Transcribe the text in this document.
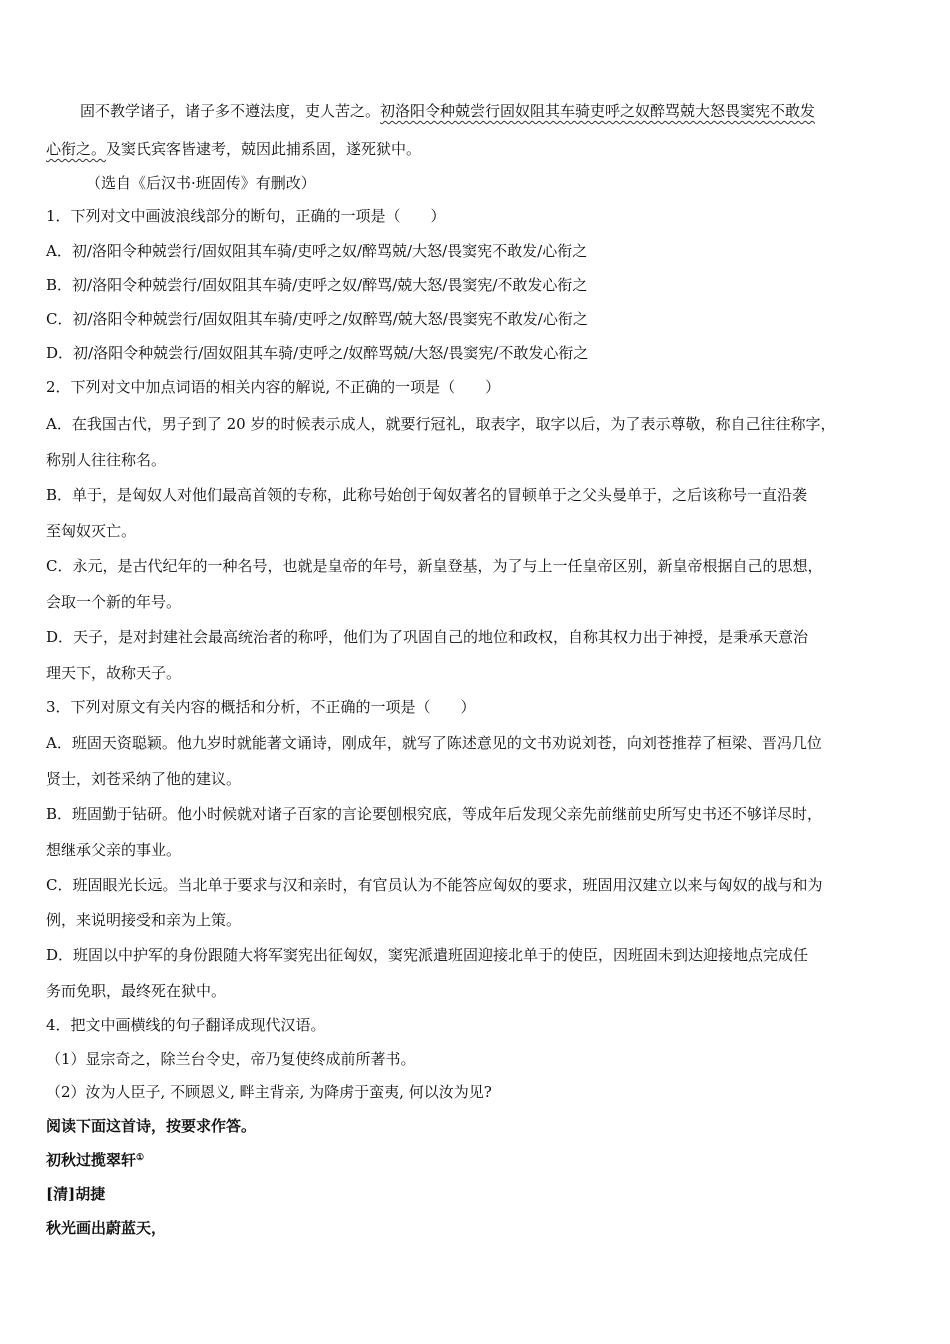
固不教学诸子，诸子多不遵法度，吏人苦之。初洛阳令种兢尝行固奴阻其车骑吏呼之奴醉骂兢大怒畏窦宪不敢发
心衔之。及窦氏宾客皆逮考，兢因此捕系固，遂死狱中。
（选自《后汉书·班固传》有删改）
1．下列对文中画波浪线部分的断句，正确的一项是（　　）
A．初/洛阳令种兢尝行/固奴阻其车骑/吏呼之奴/醉骂兢/大怒/畏窦宪不敢发/心衔之
B．初/洛阳令种兢尝行/固奴阻其车骑/吏呼之奴/醉骂/兢大怒/畏窦宪/不敢发心衔之
C．初/洛阳令种兢尝行/固奴阻其车骑/吏呼之/奴醉骂/兢大怒/畏窦宪不敢发/心衔之
D．初/洛阳令种兢尝行/固奴阻其车骑/吏呼之/奴醉骂兢/大怒/畏窦宪/不敢发心衔之
2．下列对文中加点词语的相关内容的解说, 不正确的一项是（　　）
A．在我国古代，男子到了 20 岁的时候表示成人，就要行冠礼，取表字，取字以后，为了表示尊敬，称自己往往称字，
称别人往往称名。
B．单于，是匈奴人对他们最高首领的专称，此称号始创于匈奴著名的冒顿单于之父头曼单于，之后该称号一直沿袭
至匈奴灭亡。
C．永元，是古代纪年的一种名号，也就是皇帝的年号，新皇登基，为了与上一任皇帝区别，新皇帝根据自己的思想，
会取一个新的年号。
D．天子，是对封建社会最高统治者的称呼，他们为了巩固自己的地位和政权，自称其权力出于神授，是秉承天意治
理天下，故称天子。
3．下列对原文有关内容的概括和分析，不正确的一项是（　　）
A．班固天资聪颖。他九岁时就能著文诵诗，刚成年，就写了陈述意见的文书劝说刘苍，向刘苍推荐了桓梁、晋冯几位
贤士，刘苍采纳了他的建议。
B．班固勤于钻研。他小时候就对诸子百家的言论要刨根究底，等成年后发现父亲先前继前史所写史书还不够详尽时，
想继承父亲的事业。
C．班固眼光长远。当北单于要求与汉和亲时，有官员认为不能答应匈奴的要求，班固用汉建立以来与匈奴的战与和为
例，来说明接受和亲为上策。
D．班固以中护军的身份跟随大将军窦宪出征匈奴，窦宪派遣班固迎接北单于的使臣，因班固未到达迎接地点完成任
务而免职，最终死在狱中。
4．把文中画横线的句子翻译成现代汉语。
（1）显宗奇之，除兰台令史，帝乃复使终成前所著书。
（2）汝为人臣子, 不顾恩义, 畔主背亲, 为降虏于蛮夷, 何以汝为见?
阅读下面这首诗，按要求作答。
初秋过揽翠轩①
[清]胡捷
秋光画出蔚蓝天，
